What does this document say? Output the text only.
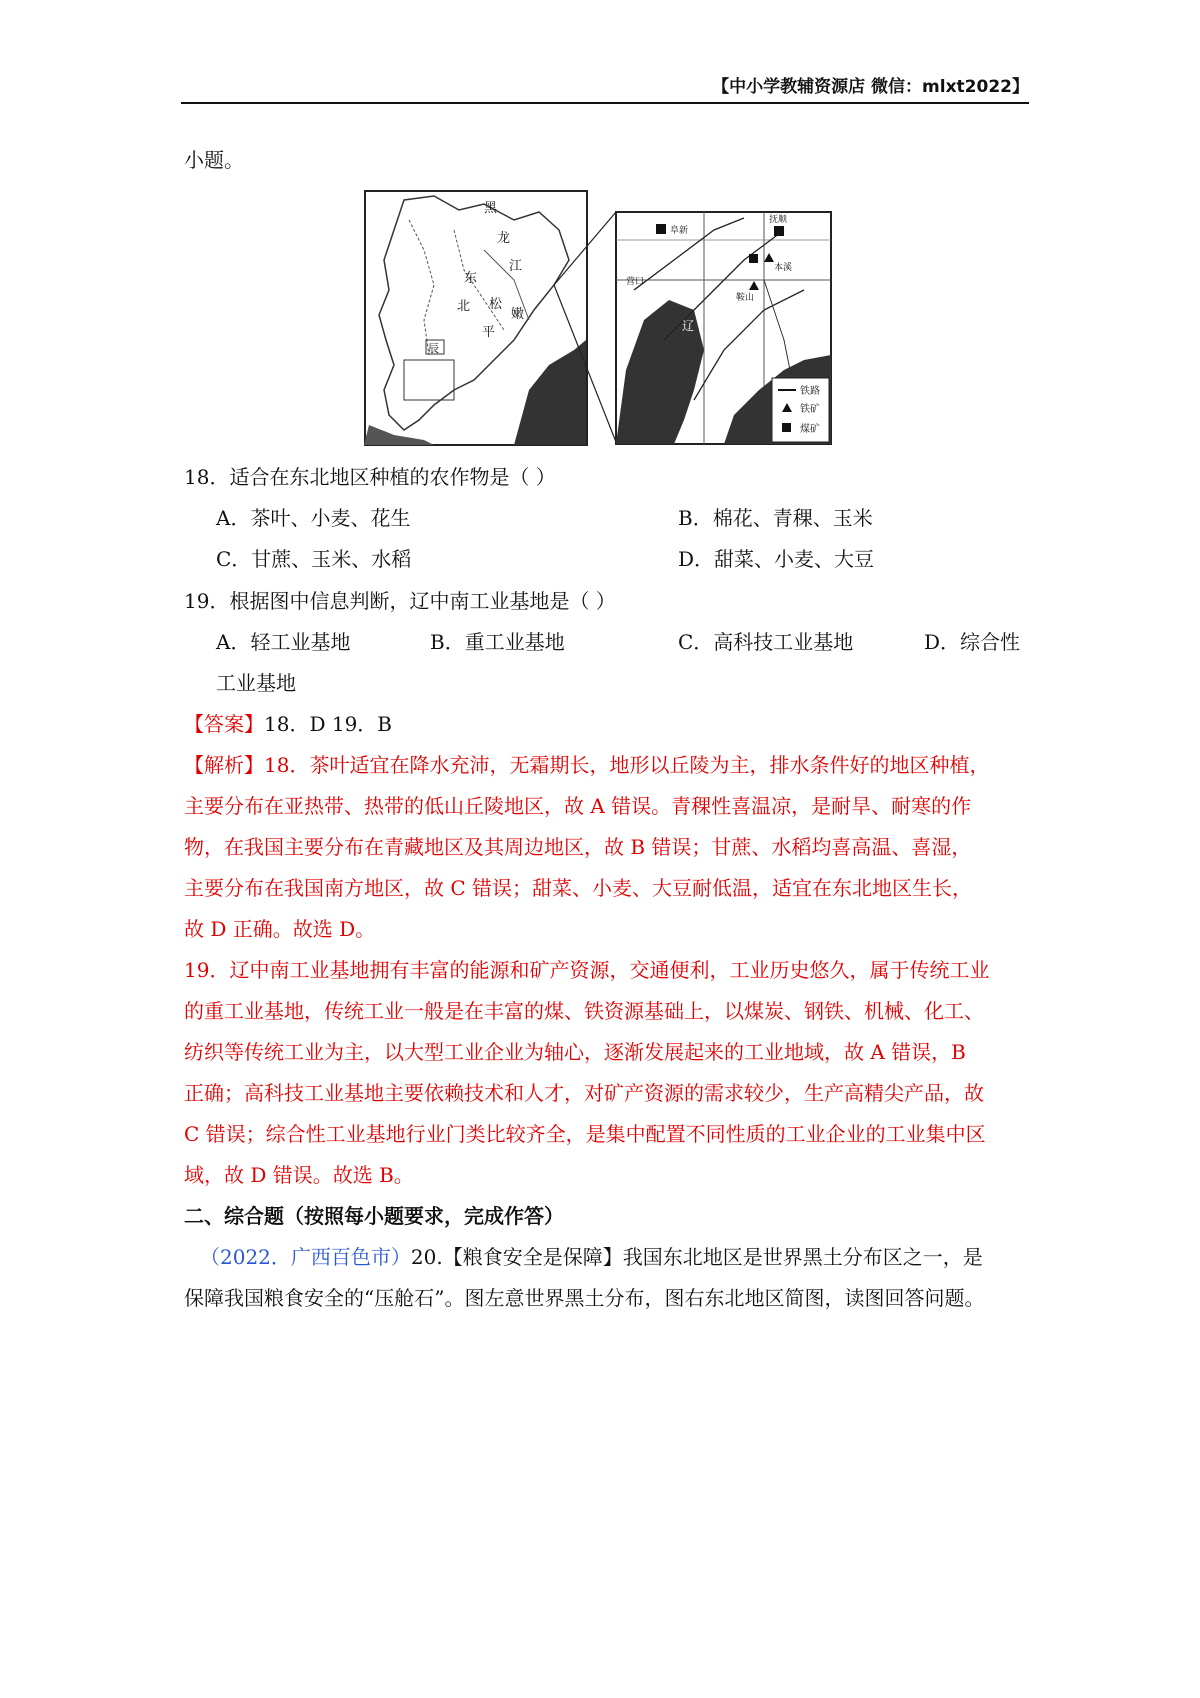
【中小学教辅资源店 微信：mlxt2022】
小题。
黑
龙
江
东
北 松
嫩
平
辰
阜新
抚顺
本溪
鞍山
营口
辽
铁路
铁矿
煤矿
18．适合在东北地区种植的农作物是（ ）
A．茶叶、小麦、花生	B．棉花、青稞、玉米
C．甘蔗、玉米、水稻	D．甜菜、小麦、大豆
19．根据图中信息判断，辽中南工业基地是（ ）
A．轻工业基地	B．重工业基地	C．高科技工业基地	D．综合性
工业基地
【答案】18．D 19．B
【解析】18．茶叶适宜在降水充沛，无霜期长，地形以丘陵为主，排水条件好的地区种植，
主要分布在亚热带、热带的低山丘陵地区，故 A 错误。青稞性喜温凉，是耐旱、耐寒的作
物，在我国主要分布在青藏地区及其周边地区，故 B 错误；甘蔗、水稻均喜高温、喜湿，
主要分布在我国南方地区，故 C 错误；甜菜、小麦、大豆耐低温，适宜在东北地区生长，
故 D 正确。故选 D。
19．辽中南工业基地拥有丰富的能源和矿产资源，交通便利，工业历史悠久，属于传统工业
的重工业基地，传统工业一般是在丰富的煤、铁资源基础上，以煤炭、钢铁、机械、化工、
纺织等传统工业为主，以大型工业企业为轴心，逐渐发展起来的工业地域，故 A 错误，B
正确；高科技工业基地主要依赖技术和人才，对矿产资源的需求较少，生产高精尖产品，故
C 错误；综合性工业基地行业门类比较齐全，是集中配置不同性质的工业企业的工业集中区
域，故 D 错误。故选 B。
二、综合题（按照每小题要求，完成作答）
（2022．广西百色市）20.【粮食安全是保障】我国东北地区是世界黑土分布区之一，是
保障我国粮食安全的“压舱石”。图左意世界黑土分布，图右东北地区简图，读图回答问题。
